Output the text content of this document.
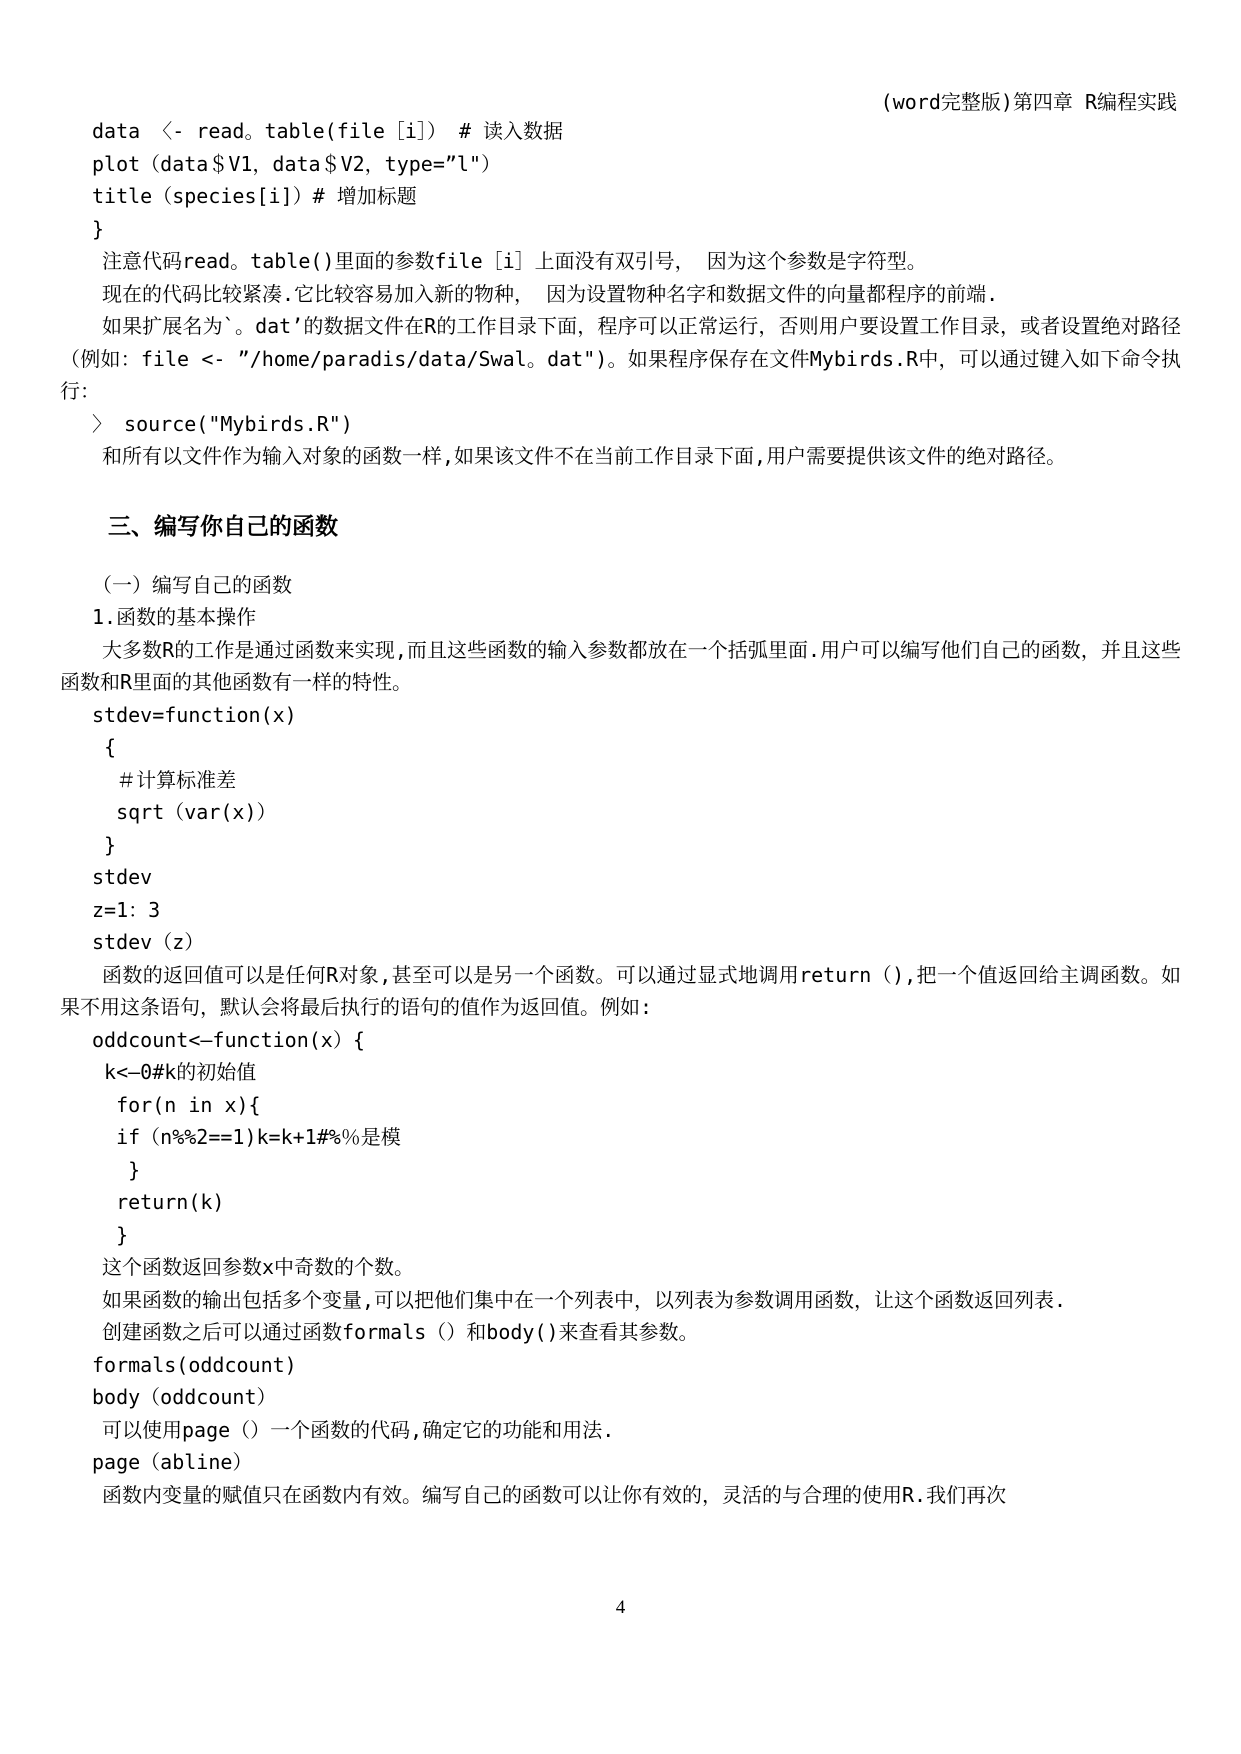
(word完整版)第四章 R编程实践

data 〈- read。table(file［i］） # 读入数据

plot（data＄V1，data＄V2，type=”l"）

title（species[i]）# 增加标题

}

注意代码read。table()里面的参数file［i］上面没有双引号， 因为这个参数是字符型。

现在的代码比较紧凑.它比较容易加入新的物种， 因为设置物种名字和数据文件的向量都程序的前端.

如果扩展名为`。dat’的数据文件在R的工作目录下面，程序可以正常运行，否则用户要设置工作目录，或者设置绝对路径（例如：file <- ”/home/paradis/data/Swal。dat")。如果程序保存在文件Mybirds.R中，可以通过键入如下命令执行：

〉 source("Mybirds.R")

和所有以文件作为输入对象的函数一样,如果该文件不在当前工作目录下面,用户需要提供该文件的绝对路径。

三、编写你自己的函数

（一）编写自己的函数

1.函数的基本操作

大多数R的工作是通过函数来实现,而且这些函数的输入参数都放在一个括弧里面.用户可以编写他们自己的函数，并且这些函数和R里面的其他函数有一样的特性。

stdev=function(x)

{

＃计算标准差

sqrt（var(x)）

}

stdev

z=1：3

stdev（z）

函数的返回值可以是任何R对象,甚至可以是另一个函数。可以通过显式地调用return（),把一个值返回给主调函数。如果不用这条语句，默认会将最后执行的语句的值作为返回值。例如:

oddcount<—function(x）{

k<—0#k的初始值

for(n in x){

if（n%%2==1)k=k+1#%％是模

}

return(k)

}

这个函数返回参数x中奇数的个数。

如果函数的输出包括多个变量,可以把他们集中在一个列表中，以列表为参数调用函数，让这个函数返回列表.

创建函数之后可以通过函数formals（）和body()来查看其参数。

formals(oddcount)

body（oddcount）

可以使用page（）一个函数的代码,确定它的功能和用法.

page（abline）

函数内变量的赋值只在函数内有效。编写自己的函数可以让你有效的，灵活的与合理的使用R.我们再次

4
